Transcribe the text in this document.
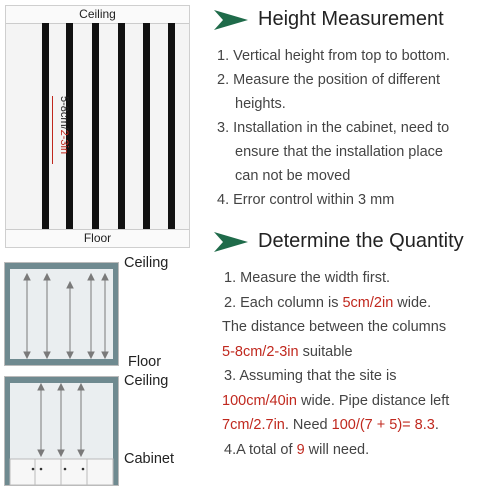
Ceiling
5-8cm/2-3in
Floor
Height Measurement

1. Vertical height from top to bottom.

2. Measure the position of different

heights.

3. Installation in the cabinet, need to

ensure that the installation place

can not be moved

4. Error control within 3 mm

Determine the Quantity

1. Measure the width first.

2. Each column is 5cm/2in wide.

The distance between the columns

5-8cm/2-3in suitable

3. Assuming that the site is

100cm/40in wide. Pipe distance left

7cm/2.7in. Need 100/(7 + 5)= 8.3.

4.A total of 9 will need.

Ceiling
Floor
Ceiling
Cabinet
